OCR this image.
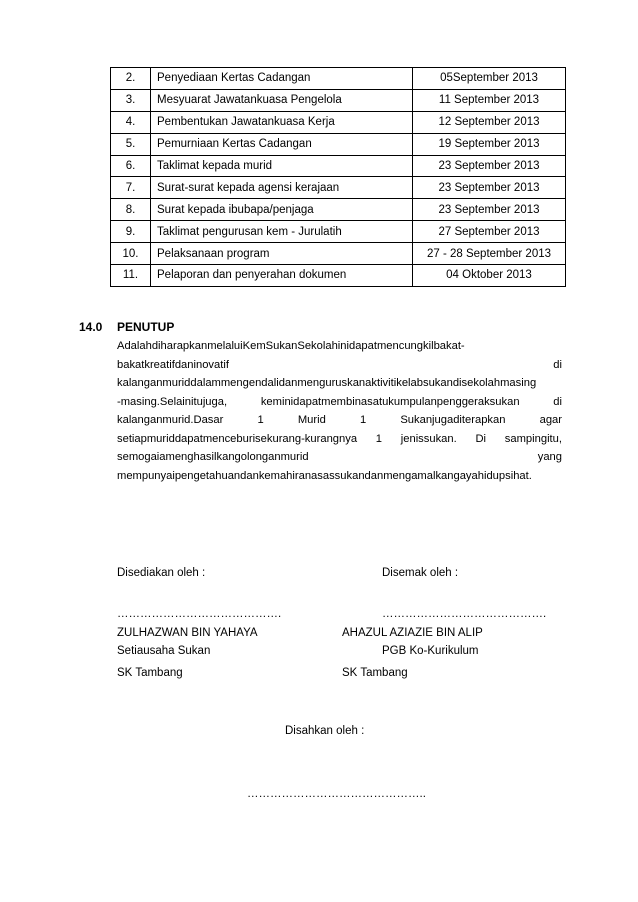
2.	Penyediaan Kertas Cadangan	05September 2013
3.	Mesyuarat Jawatankuasa Pengelola	11 September 2013
4.	Pembentukan Jawatankuasa Kerja	12 September 2013
5.	Pemurniaan Kertas Cadangan	19 September 2013
6.	Taklimat kepada murid	23 September 2013
7.	Surat-surat kepada agensi kerajaan	23 September 2013
8.	Surat kepada ibubapa/penjaga	23 September 2013
9.	Taklimat pengurusan kem - Jurulatih	27 September 2013
10.	Pelaksanaan program	27 - 28 September 2013
11.	Pelaporan dan penyerahan dokumen	04 Oktober 2013
14.0 PENUTUP
AdalahdiharapkanmelaluiKemSukanSekolahinidapatmencungkilbakat-
bakatkreatifdaninovatif di
kalanganmuriddalammengendalidanmenguruskanaktivitikelabsukandisekolahmasing
-masing.Selainitujuga, keminidapatmembinasatukumpulanpenggeraksukan di
kalanganmurid.Dasar 1 Murid 1 Sukanjugaditerapkan agar
setiapmuriddapatmenceburisekurang-kurangnya 1 jenissukan. Di sampingitu,
semogaiamenghasilkangolonganmurid yang
mempunyaipengetahuandankemahiranasassukandanmengamalkangayahidupsihat.
Disediakan oleh :	Disemak oleh :
…………………………………….	…………………………………….
ZULHAZWAN BIN YAHAYA	AHAZUL AZIAZIE BIN ALIP
Setiausaha Sukan	PGB Ko-Kurikulum
SK Tambang	SK Tambang
Disahkan oleh :
………………………………………..
